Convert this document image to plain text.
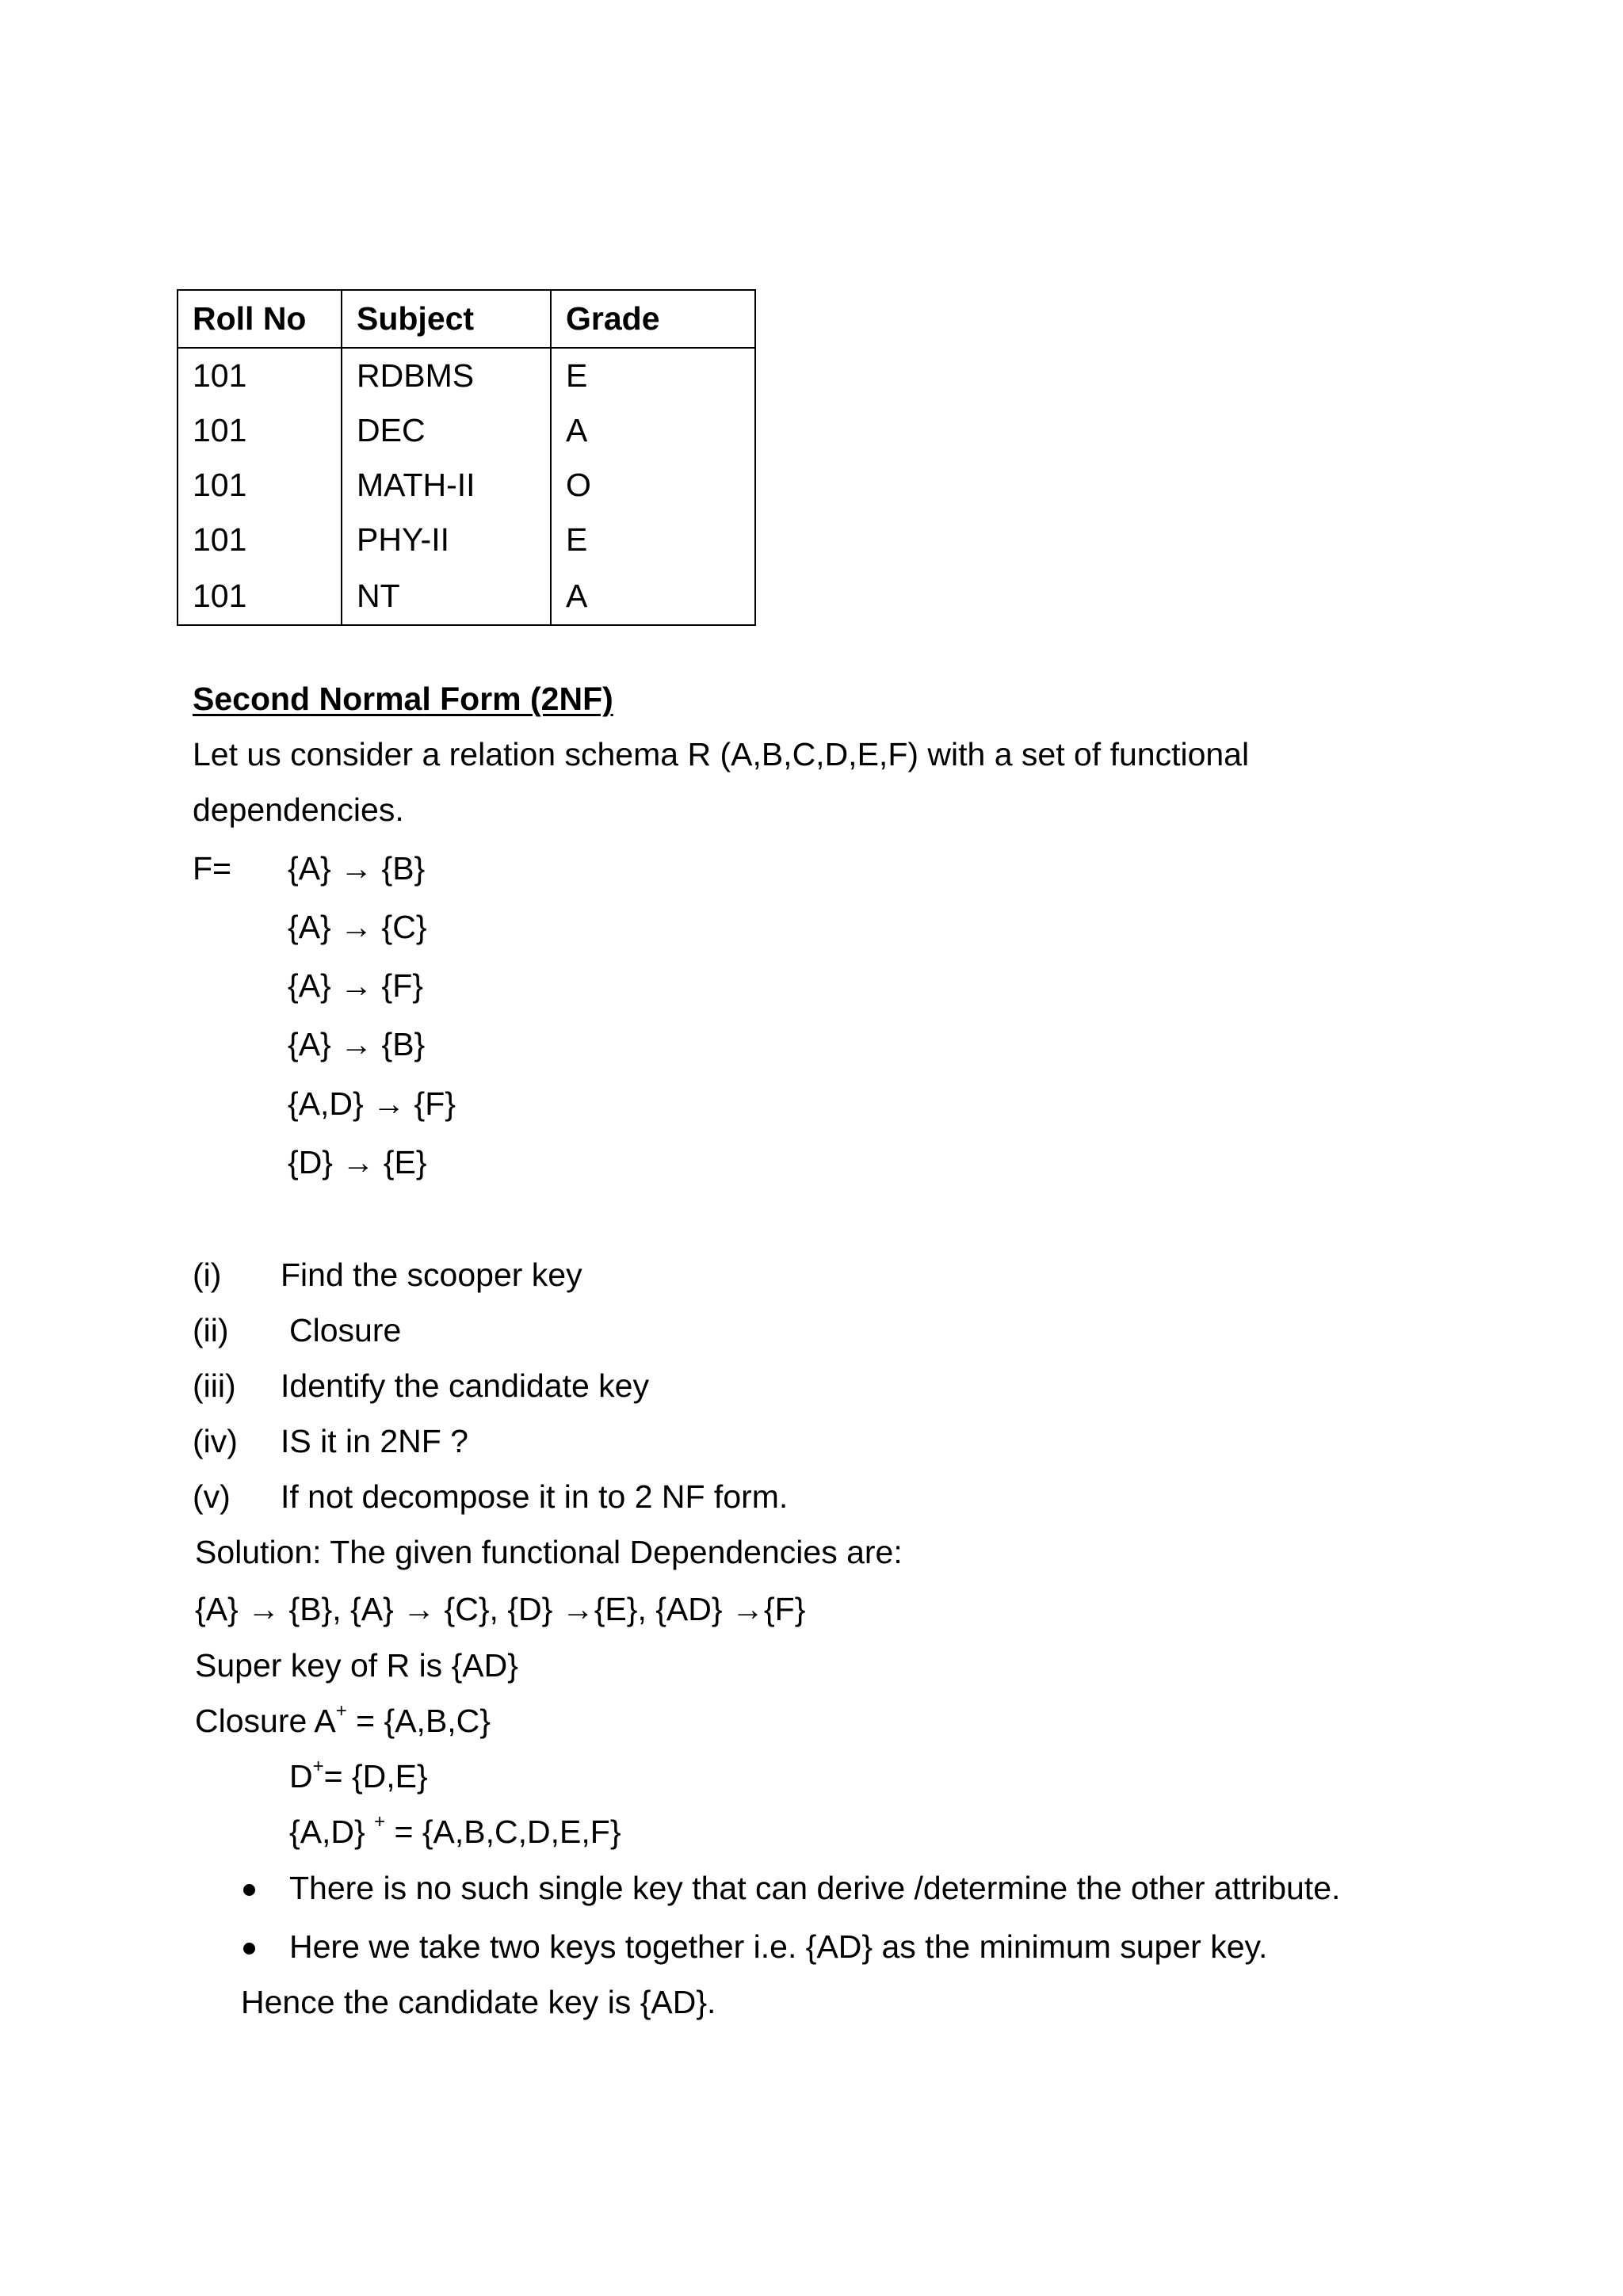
Roll No	Subject	Grade
101	RDBMS	E
101	DEC	A
101	MATH-II	O
101	PHY-II	E
101	NT	A
Second Normal Form (2NF)
Let us consider a relation schema R (A,B,C,D,E,F) with a set of functional
dependencies.
F= {A} → {B}
{A} → {C}
{A} → {F}
{A} → {B}
{A,D} → {F}
{D} → {E}
(i) Find the scooper key
(ii) Closure
(iii) Identify the candidate key
(iv) IS it in 2NF ?
(v) If not decompose it in to 2 NF form.
Solution: The given functional Dependencies are:
{A} → {B}, {A} → {C}, {D} →{E}, {AD} →{F}
Super key of R is {AD}
Closure A+ = {A,B,C}
D+= {D,E}
{A,D} + = {A,B,C,D,E,F}
There is no such single key that can derive /determine the other attribute.
Here we take two keys together i.e. {AD} as the minimum super key.
Hence the candidate key is {AD}.
